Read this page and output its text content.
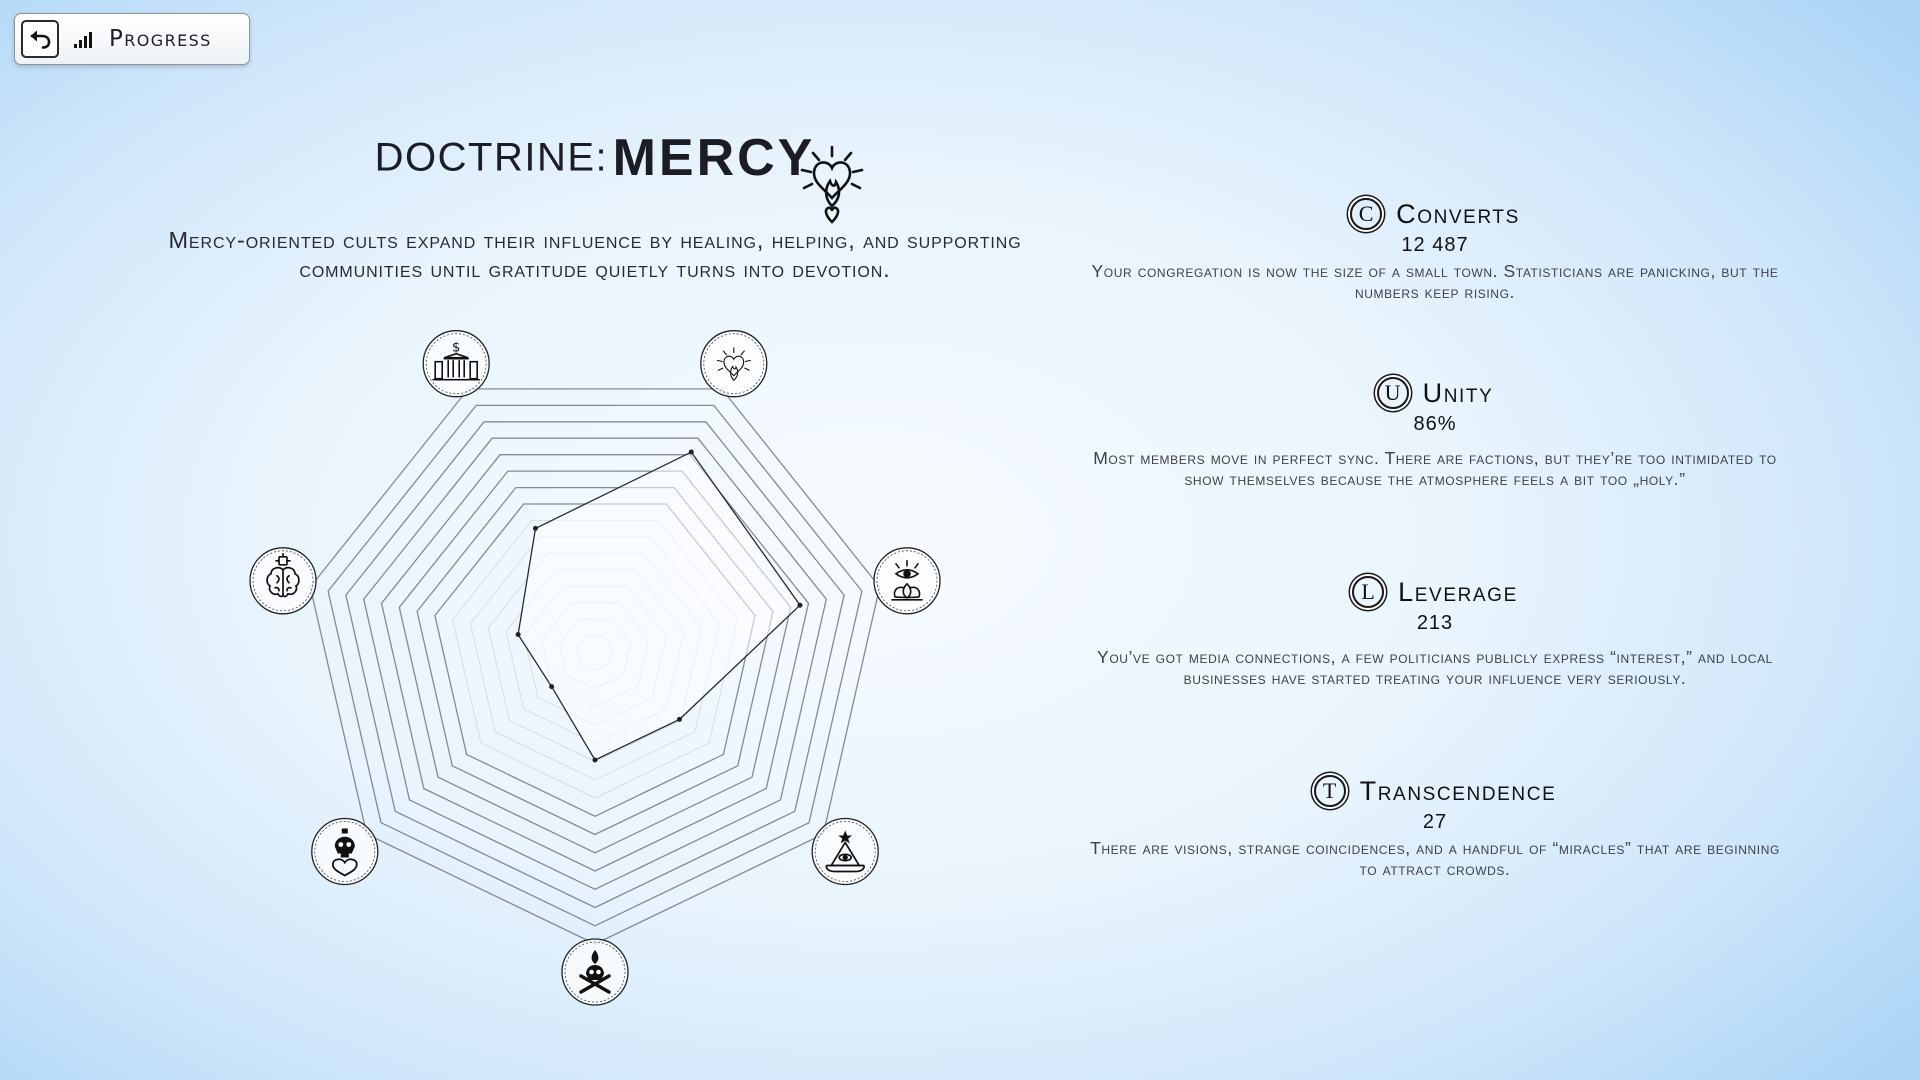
Progress
DOCTRINE: MERCY
Mercy-oriented cults expand their influence by healing, helping, and supporting communities until gratitude quietly turns into devotion.
$
C Converts
12 487
Your congregation is now the size of a small town. Statisticians are panicking, but the numbers keep rising.
U Unity
86%
Most members move in perfect sync. There are factions, but they’re too intimidated to show themselves because the atmosphere feels a bit too „holy.”
L Leverage
213
You’ve got media connections, a few politicians publicly express “interest,” and local businesses have started treating your influence very seriously.
T Transcendence
27
There are visions, strange coincidences, and a handful of “miracles” that are beginning to attract crowds.
